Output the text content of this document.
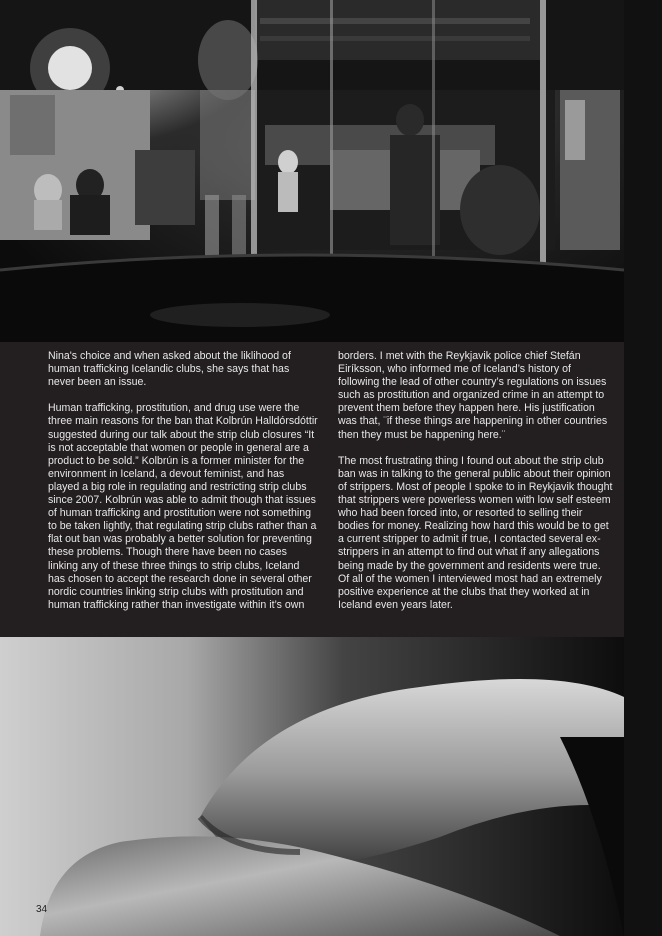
Nina's choice and when asked about the liklihood of human trafficking Icelandic clubs, she says that has never been an issue.

Human trafficking, prostitution, and drug use were the three main reasons for the ban that Kolbrún Halldórsdóttir suggested during our talk about the strip club closures “It is not acceptable that women or people in general are a product to be sold.” Kolbrún is a former minister for the environment in Iceland, a devout feminist, and has played a big role in regulating and restricting strip clubs since 2007. Kolbrún was able to admit though that issues of human trafficking and prostitution were not something to be taken lightly, that regulating strip clubs rather than a flat out ban was probably a better solution for preventing these problems. Though there have been no cases linking any of these three things to strip clubs, Iceland has chosen to accept the research done in several other nordic countries linking strip clubs with prostitution and human trafficking rather than investigate within it’s own

borders. I met with the Reykjavik police chief Stefán Eiríksson, who informed me of Iceland’s history of following the lead of other country’s regulations on issues such as prostitution and organized crime in an attempt to prevent them before they happen here. His justification was that, ¨if these things are happening in other countries then they must be happening here.¨

The most frustrating thing I found out about the strip club ban was in talking to the general public about their opinion of strippers. Most of people I spoke to in Reykjavik thought that strippers were powerless women with low self esteem who had been forced into, or resorted to selling their bodies for money. Realizing how hard this would be to get a current stripper to admit if true, I contacted several ex-strippers in an attempt to find out what if any allegations being made by the government and residents were true. Of all of the women I interviewed most had an extremely positive experience at the clubs that they worked at in Iceland even years later.

34
